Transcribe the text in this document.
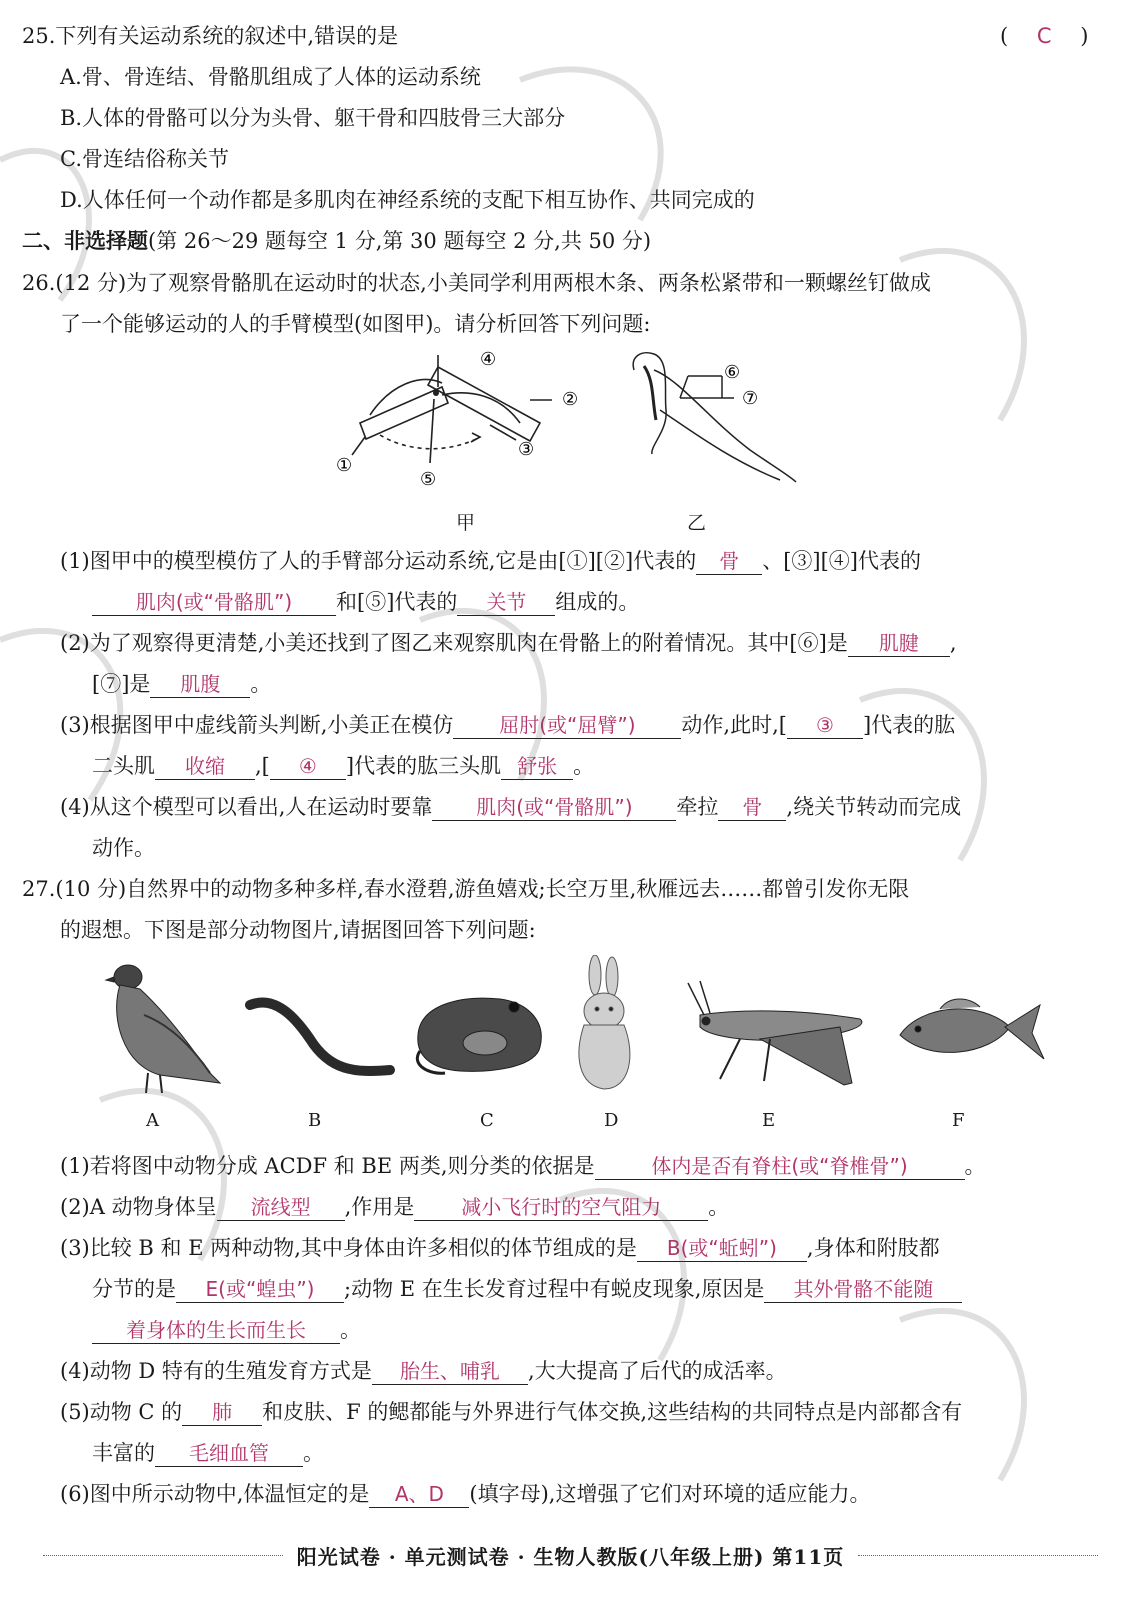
25.下列有关运动系统的叙述中,错误的是	( C )
A.骨、骨连结、骨骼肌组成了人体的运动系统
B.人体的骨骼可以分为头骨、躯干骨和四肢骨三大部分
C.骨连结俗称关节
D.人体任何一个动作都是多肌肉在神经系统的支配下相互协作、共同完成的
二、非选择题(第 26～29 题每空 1 分,第 30 题每空 2 分,共 50 分)
26.(12 分)为了观察骨骼肌在运动时的状态,小美同学利用两根木条、两条松紧带和一颗螺丝钉做成
了一个能够运动的人的手臂模型(如图甲)。请分析回答下列问题:
④
②
③
①
⑤
甲
⑥
⑦
乙
(1)图甲中的模型模仿了人的手臂部分运动系统,它是由[①][②]代表的 骨 、[③][④]代表的
肌肉(或“骨骼肌”) 和[⑤]代表的 关节 组成的。
(2)为了观察得更清楚,小美还找到了图乙来观察肌肉在骨骼上的附着情况。其中[⑥]是 肌腱 ,
[⑦]是 肌腹 。
(3)根据图甲中虚线箭头判断,小美正在模仿 屈肘(或“屈臂”) 动作,此时,[ ③ ]代表的肱
二头肌 收缩 ,[ ④ ]代表的肱三头肌 舒张 。
(4)从这个模型可以看出,人在运动时要靠 肌肉(或“骨骼肌”) 牵拉 骨 ,绕关节转动而完成
动作。
27.(10 分)自然界中的动物多种多样,春水澄碧,游鱼嬉戏;长空万里,秋雁远去……都曾引发你无限
的遐想。下图是部分动物图片,请据图回答下列问题:
A	B	C	D	E	F
(1)若将图中动物分成 ACDF 和 BE 两类,则分类的依据是	体内是否有脊柱(或“脊椎骨”)	。
(2)A 动物身体呈 流线型 ,作用是 减小飞行时的空气阻力 。
(3)比较 B 和 E 两种动物,其中身体由许多相似的体节组成的是 B(或“蚯蚓”) ,身体和附肢都
分节的是 E(或“蝗虫”) ;动物 E 在生长发育过程中有蜕皮现象,原因是 其外骨骼不能随
着身体的生长而生长 。
(4)动物 D 特有的生殖发育方式是 胎生、哺乳 ,大大提高了后代的成活率。
(5)动物 C 的 肺 和皮肤、F 的鳃都能与外界进行气体交换,这些结构的共同特点是内部都含有
丰富的 毛细血管 。
(6)图中所示动物中,体温恒定的是 A、D (填字母),这增强了它们对环境的适应能力。
阳光试卷 · 单元测试卷 · 生物人教版(八年级上册) 第11页
